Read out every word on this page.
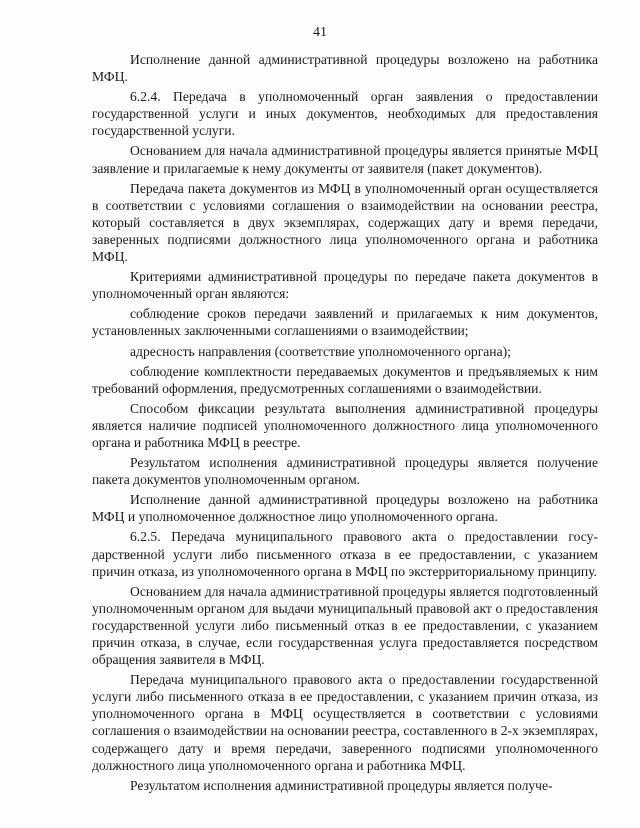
41

Исполнение данной административной процедуры возложено на работника МФЦ.

6.2.4. Передача в уполномоченный орган заявления о предоставлении государственной услуги и иных документов, необходимых для предоставления государственной услуги.

Основанием для начала административной процедуры является принятые МФЦ заявление и прилагаемые к нему документы от заявителя (пакет документов).

Передача пакета документов из МФЦ в уполномоченный орган осуществляется в соответствии с условиями соглашения о взаимодействии на основании реестра, который составляется в двух экземплярах, содержащих дату и время передачи, заверенных подписями должностного лица уполномоченного органа и работника МФЦ.

Критериями административной процедуры по передаче пакета документов в уполномоченный орган являются:

соблюдение сроков передачи заявлений и прилагаемых к ним документов, установленных заключенными соглашениями о взаимодействии;

адресность направления (соответствие уполномоченного органа);

соблюдение комплектности передаваемых документов и предъявляемых к ним требований оформления, предусмотренных соглашениями о взаимодействии.

Способом фиксации результата выполнения административной процедуры является наличие подписей уполномоченного должностного лица уполномоченного органа и работника МФЦ в реестре.

Результатом исполнения административной процедуры является получение пакета документов уполномоченным органом.

Исполнение данной административной процедуры возложено на работника МФЦ и уполномоченное должностное лицо уполномоченного органа.

6.2.5. Передача муниципального правового акта о предоставлении государственной услуги либо письменного отказа в ее предоставлении, с указанием причин отказа, из уполномоченного органа в МФЦ по экстерриториальному принципу.

Основанием для начала административной процедуры является подготовленный уполномоченным органом для выдачи муниципальный правовой акт о предоставления государственной услуги либо письменный отказ в ее предоставлении, с указанием причин отказа, в случае, если государственная услуга предоставляется посредством обращения заявителя в МФЦ.

Передача муниципального правового акта о предоставлении государственной услуги либо письменного отказа в ее предоставлении, с указанием причин отказа, из уполномоченного органа в МФЦ осуществляется в соответствии с условиями соглашения о взаимодействии на основании реестра, составленного в 2-х экземплярах, содержащего дату и время передачи, заверенного подписями уполномоченного должностного лица уполномоченного органа и работника МФЦ.

Результатом исполнения административной процедуры является получе-
